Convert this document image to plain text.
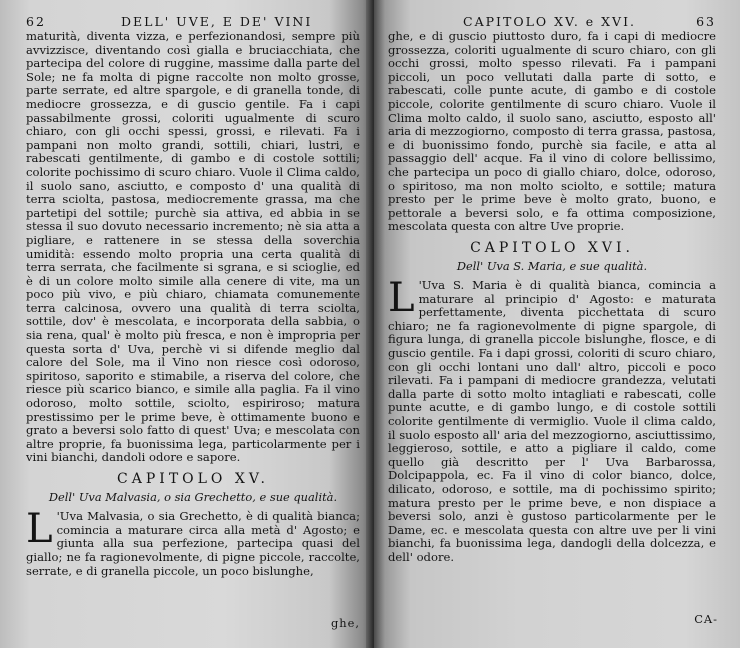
62	DELL' UVE, E DE' VINI

maturità, diventa vizza, e perfezionandosi, sempre più avvizzisce, diventando così gialla e bruciacchiata, che partecipa del colore di ruggine, massime dalla parte del Sole; ne fa molta di pigne raccolte non molto grosse, parte serrate, ed altre spargole, e di granella tonde, di mediocre grossezza, e di guscio gentile. Fa i capi passabilmente grossi, coloriti ugualmente di scuro chiaro, con gli occhi spessi, grossi, e rilevati. Fa i pampani non molto grandi, sottili, chiari, lustri, e rabescati gentilmente, di gambo e di costole sottili; colorite pochissimo di scuro chiaro. Vuole il Clima caldo, il suolo sano, asciutto, e composto d' una qualità di terra sciolta, pastosa, mediocremente grassa, ma che partetipi del sottile; purchè sia attiva, ed abbia in se stessa il suo dovuto necessario incremento; nè sia atta a pigliare, e rattenere in se stessa della soverchia umidità: essendo molto propria una certa qualità di terra serrata, che facilmente si sgrana, e si scioglie, ed è di un colore molto simile alla cenere di vite, ma un poco più vivo, e più chiaro, chiamata comunemente terra calcinosa, ovvero una qualità di terra sciolta, sottile, dov' è mescolata, e incorporata della sabbia, o sia rena, qual' è molto più fresca, e non è impropria per questa sorta d' Uva, perchè vi si difende meglio dal calore del Sole, ma il Vino non riesce così odoroso, spiritoso, saporito e stimabile, a riserva del colore, che riesce più scarico bianco, e simile alla paglia. Fa il vino odoroso, molto sottile, sciolto, espiriroso; matura prestissimo per le prime beve, è ottimamente buono e grato a beversi solo fatto di quest' Uva; e mescolata con altre proprie, fa buonissima lega, particolarmente per i vini bianchi, dandoli odore e sapore.

CAPITOLO XV.
Dell' Uva Malvasia, o sia Grechetto, e sue qualità.

L 'Uva Malvasia, o sia Grechetto, è di qualità bianca; comincia a maturare circa alla metà d' Agosto; e giunta alla sua perfezione, partecipa quasi del giallo; ne fa ragionevolmente, di pigne piccole, raccolte, serrate, e di granella piccole, un poco bislunghe,

ghe,
CAPITOLO XV. e XVI.	63

ghe, e di guscio piuttosto duro, fa i capi di mediocre grossezza, coloriti ugualmente di scuro chiaro, con gli occhi grossi, molto spesso rilevati. Fa i pampani piccoli, un poco vellutati dalla parte di sotto, e rabescati, colle punte acute, di gambo e di costole piccole, colorite gentilmente di scuro chiaro. Vuole il Clima molto caldo, il suolo sano, asciutto, esposto all' aria di mezzogiorno, composto di terra grassa, pastosa, e di buonissimo fondo, purchè sia facile, e atta al passaggio dell' acque. Fa il vino di colore bellissimo, che partecipa un poco di giallo chiaro, dolce, odoroso, o spiritoso, ma non molto sciolto, e sottile; matura presto per le prime beve è molto grato, buono, e pettorale a beversi solo, e fa ottima composizione, mescolata questa con altre Uve proprie.

CAPITOLO XVI.
Dell' Uva S. Maria, e sue qualità.

L 'Uva S. Maria è di qualità bianca, comincia a maturare al principio d' Agosto: e maturata perfettamente, diventa picchettata di scuro chiaro; ne fa ragionevolmente di pigne spargole, di figura lunga, di granella piccole bislunghe, flosce, e di guscio gentile. Fa i dapi grossi, coloriti di scuro chiaro, con gli occhi lontani uno dall' altro, piccoli e poco rilevati. Fa i pampani di mediocre grandezza, velutati dalla parte di sotto molto intagliati e rabescati, colle punte acutte, e di gambo lungo, e di costole sottili colorite gentilmente di vermiglio. Vuole il clima caldo, il suolo esposto all' aria del mezzogiorno, asciuttissimo, leggieroso, sottile, e atto a pigliare il caldo, come quello già descritto per l' Uva Barbarossa, Dolcipappola, ec. Fa il vino di color bianco, dolce, dilicato, odoroso, e sottile, ma di pochissimo spirito; matura presto per le prime beve, e non dispiace a beversi solo, anzi è gustoso particolarmente per le Dame, ec. e mescolata questa con altre uve per li vini bianchi, fa buonissima lega, dandogli della dolcezza, e dell' odore.

CA-
